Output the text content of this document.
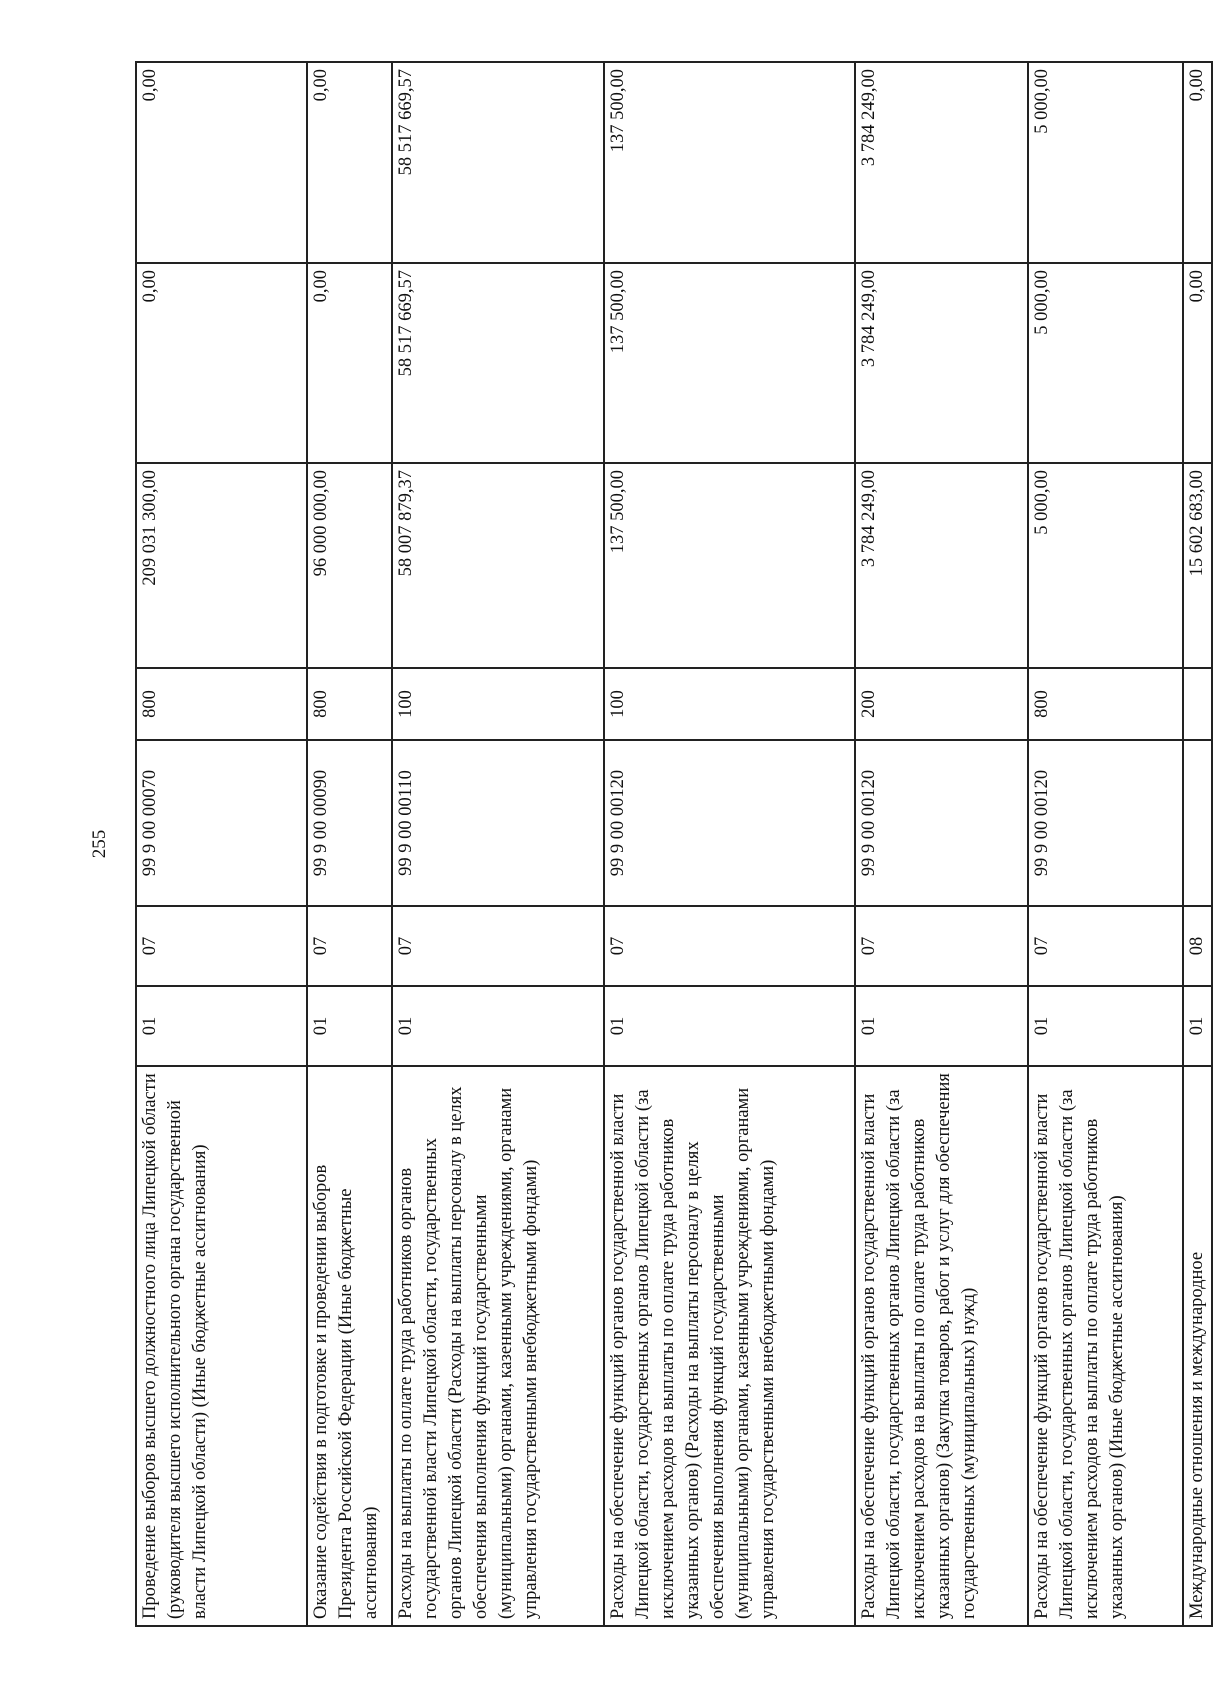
255
Проведение выборов высшего должностного лица Липецкой области (руководителя высшего исполнительного органа государственной власти Липецкой области) (Иные бюджетные ассигнования)	01	07	99 9 00 00070	800	209 031 300,00	0,00	0,00
Оказание содействия в подготовке и проведении выборов Президента Российской Федерации (Иные бюджетные ассигнования)	01	07	99 9 00 00090	800	96 000 000,00	0,00	0,00
Расходы на выплаты по оплате труда работников органов государственной власти Липецкой области, государственных органов Липецкой области (Расходы на выплаты персоналу в целях обеспечения выполнения функций государственными (муниципальными) органами, казенными учреждениями, органами управления государственными внебюджетными фондами)	01	07	99 9 00 00110	100	58 007 879,37	58 517 669,57	58 517 669,57
Расходы на обеспечение функций органов государственной власти Липецкой области, государственных органов Липецкой области (за исключением расходов на выплаты по оплате труда работников указанных органов) (Расходы на выплаты персоналу в целях обеспечения выполнения функций государственными (муниципальными) органами, казенными учреждениями, органами управления государственными внебюджетными фондами)	01	07	99 9 00 00120	100	137 500,00	137 500,00	137 500,00
Расходы на обеспечение функций органов государственной власти Липецкой области, государственных органов Липецкой области (за исключением расходов на выплаты по оплате труда работников указанных органов) (Закупка товаров, работ и услуг для обеспечения государственных (муниципальных) нужд)	01	07	99 9 00 00120	200	3 784 249,00	3 784 249,00	3 784 249,00
Расходы на обеспечение функций органов государственной власти Липецкой области, государственных органов Липецкой области (за исключением расходов на выплаты по оплате труда работников указанных органов) (Иные бюджетные ассигнования)	01	07	99 9 00 00120	800	5 000,00	5 000,00	5 000,00
Международные отношения и международное	01	08			15 602 683,00	0,00	0,00
